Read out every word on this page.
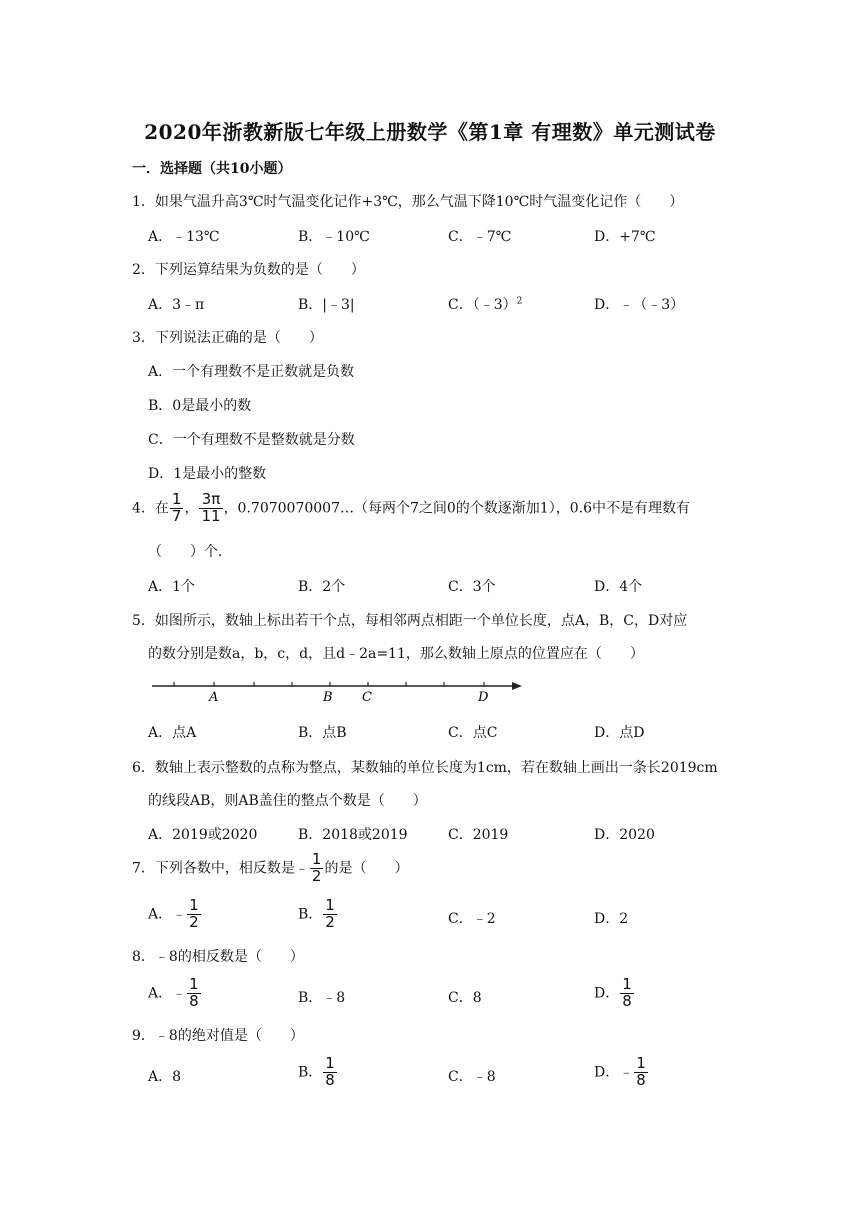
2020年浙教新版七年级上册数学《第1章 有理数》单元测试卷
一．选择题（共10小题）
1．如果气温升高3℃时气温变化记作+3℃，那么气温下降10℃时气温变化记作（　　）
A．﹣13℃	B．﹣10℃	C．﹣7℃	D．+7℃
2．下列运算结果为负数的是（　　）
A．3﹣π	B．|﹣3|	C．（﹣3）$^2$	D．﹣（﹣3）
3．下列说法正确的是（　　）
A．一个有理数不是正数就是负数
B．0是最小的数
C．一个有理数不是整数就是分数
D．1是最小的整数
4．在 $\frac{1}{7}$ ， $\frac{3\pi}{11}$ ，0.7070070007…（每两个7之间0的个数逐渐加1），0.6中不是有理数有
（　　）个．
A．1个	B．2个	C．3个	D．4个
5．如图所示，数轴上标出若干个点，每相邻两点相距一个单位长度，点A，B，C，D对应
的数分别是数a，b，c，d，且d﹣2a=11，那么数轴上原点的位置应在（　　）
A	B C	D
A．点A	B．点B	C．点C	D．点D
6．数轴上表示整数的点称为整点，某数轴的单位长度为1cm，若在数轴上画出一条长2019cm
的线段AB，则AB盖住的整点个数是（　　）
A．2019或2020	B．2018或2019	C．2019	D．2020
7．下列各数中，相反数是﹣ $\frac{1}{2}$ 的是（　　）
A．﹣ $\frac{1}{2}$	B． $\frac{1}{2}$	C．﹣2	D．2
8．﹣8的相反数是（　　）
A．﹣ $\frac{1}{8}$	B．﹣8	C．8	D． $\frac{1}{8}$
9．﹣8的绝对值是（　　）
A．8	B． $\frac{1}{8}$	C．﹣8	D．﹣ $\frac{1}{8}$
